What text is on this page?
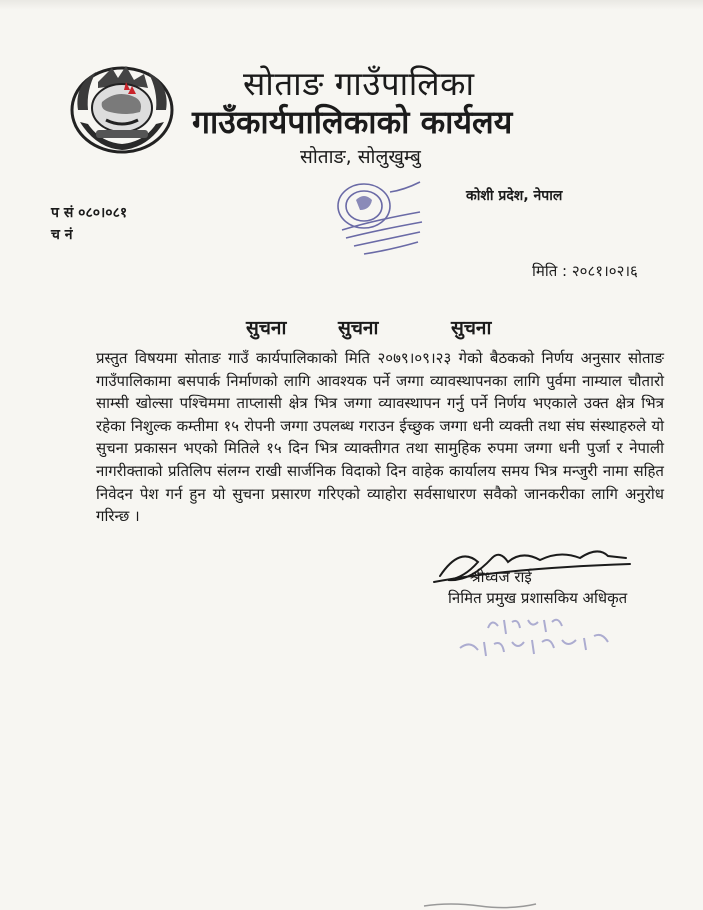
सोताङ गाउँपालिका
गाउँकार्यपालिकाको कार्यलय
सोताङ, सोलुखुम्बु
प सं ०८०।०८१
च नं
कोशी प्रदेश, नेपाल
मिति : २०८१।०२।६
सुचना	सुचना	सुचना
प्रस्तुत विषयमा सोताङ गाउँ कार्यपालिकाको मिति २०७९।०९।२३ गेको बैठकको निर्णय अनुसार सोताङ गाउँपालिकामा बसपार्क निर्माणको लागि आवश्यक पर्ने जग्गा व्यावस्थापनका लागि पुर्वमा नाम्याल चौतारो साम्सी खोल्सा पश्चिममा ताप्लासी क्षेत्र भित्र जग्गा व्यावस्थापन गर्नु पर्ने निर्णय भएकाले उक्त क्षेत्र भित्र रहेका निशुल्क कम्तीमा १५ रोपनी जग्गा उपलब्ध गराउन ईच्छुक जग्गा धनी व्यक्ती तथा संघ संस्थाहरुले यो सुचना प्रकासन भएको मितिले १५ दिन भित्र व्याक्तीगत तथा सामुहिक रुपमा जग्गा धनी पुर्जा र नेपाली नागरीक्ताको प्रतिलिप संलग्न राखी सार्जनिक विदाको दिन वाहेक कार्यालय समय भित्र मन्जुरी नामा सहित निवेदन पेश गर्न हुन यो सुचना प्रसारण गरिएको व्याहोरा सर्वसाधारण सवैको जानकरीका लागि अनुरोध गरिन्छ ।
श्रीध्वज राई
निमित प्रमुख प्रशासकिय अधिकृत
